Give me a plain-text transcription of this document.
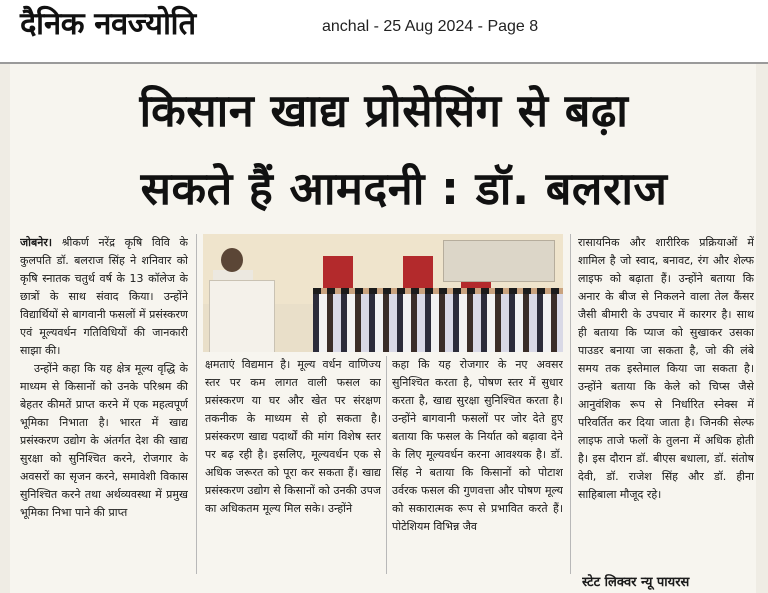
दैनिक नवज्योति	anchal - 25 Aug 2024 - Page 8
किसान खाद्य प्रोसेसिंग से बढ़ा
सकते हैं आमदनी : डॉ. बलराज

जोबनेर। श्रीकर्ण नरेंद्र कृषि विवि के कुलपति डॉ. बलराज सिंह ने शनिवार को कृषि स्नातक चतुर्थ वर्ष के 13 कॉलेज के छात्रों के साथ संवाद किया। उन्होंने विद्यार्थियों से बागवानी फसलों में प्रसंस्करण एवं मूल्यवर्धन गतिविधियों की जानकारी साझा की।

उन्होंने कहा कि यह क्षेत्र मूल्य वृद्धि के माध्यम से किसानों को उनके परिश्रम की बेहतर कीमतें प्राप्त करने में एक महत्वपूर्ण भूमिका निभाता है। भारत में खाद्य प्रसंस्करण उद्योग के अंतर्गत देश की खाद्य सुरक्षा को सुनिश्चित करने, रोजगार के अवसरों का सृजन करने, समावेशी विकास सुनिश्चित करने तथा अर्थव्यवस्था में प्रमुख भूमिका निभा पाने की प्राप्त

क्षमताएं विद्यमान है। मूल्य वर्धन वाणिज्य स्तर पर कम लागत वाली फसल का प्रसंस्करण या घर और खेत पर संरक्षण तकनीक के माध्यम से हो सकता है। प्रसंस्करण खाद्य पदार्थों की मांग विशेष स्तर पर बढ़ रही है। इसलिए, मूल्यवर्धन एक से अधिक जरूरत को पूरा कर सकता हैं। खाद्य प्रसंस्करण उद्योग से किसानों को उनकी उपज का अधिकतम मूल्य मिल सके। उन्होंने
कहा कि यह रोजगार के नए अवसर सुनिश्चित करता है, पोषण स्तर में सुधार करता है, खाद्य सुरक्षा सुनिश्चित करता है। उन्होंने बागवानी फसलों पर जोर देते हुए बताया कि फसल के निर्यात को बढ़ावा देने के लिए मूल्यवर्धन करना आवश्यक है। डॉ. सिंह ने बताया कि किसानों को पोटाश उर्वरक फसल की गुणवत्ता और पोषण मूल्य को सकारात्मक रूप से प्रभावित करते हैं। पोटेशियम विभिन्न जैव
रासायनिक और शारीरिक प्रक्रियाओं में शामिल है जो स्वाद, बनावट, रंग और शेल्फ लाइफ को बढ़ाता हैं। उन्होंने बताया कि अनार के बीज से निकलने वाला तेल कैंसर जैसी बीमारी के उपचार में कारगर है। साथ ही बताया कि प्याज को सुखाकर उसका पाउडर बनाया जा सकता है, जो की लंबे समय तक इस्तेमाल किया जा सकता है। उन्होंने बताया कि केले को चिप्स जैसे आनुवंशिक रूप से निर्धारित स्नेक्स में परिवर्तित कर दिया जाता है। जिनकी सेल्फ लाइफ ताजे फलों के तुलना में अधिक होती है। इस दौरान डॉ. बीएस बधाला, डॉ. संतोष देवी, डॉ. राजेश सिंह और डॉ. हीना साहिबाला मौजूद रहे।
स्टेट लिक्वर न्यू पायरस
